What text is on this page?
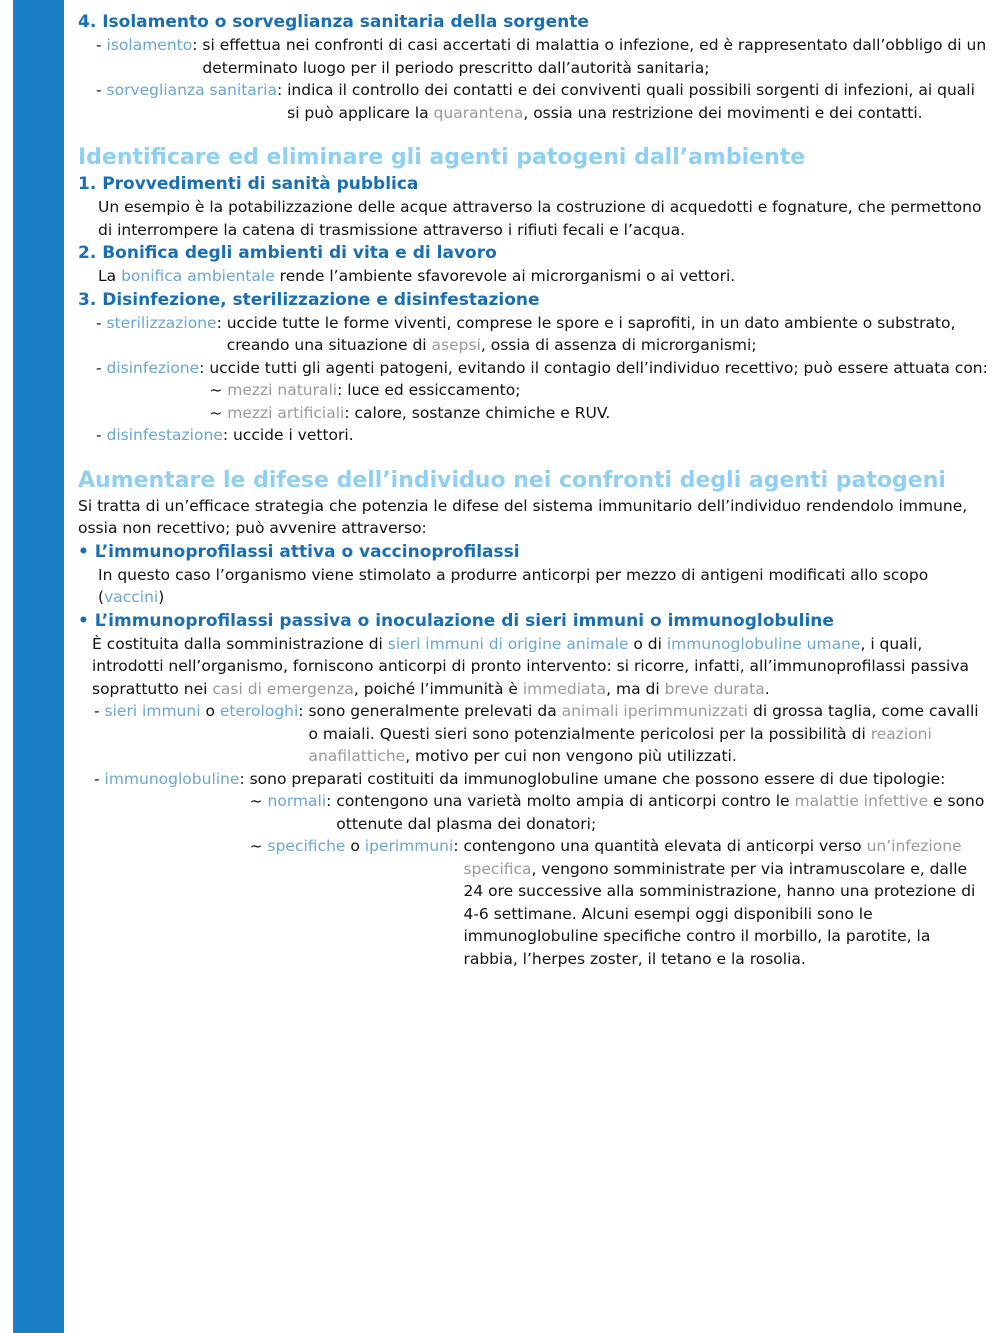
4. Isolamento o sorveglianza sanitaria della sorgente
- isolamento: si effettua nei confronti di casi accertati di malattia o infezione, ed è rappresentato dall’obbligo di un determinato luogo per il periodo prescritto dall’autorità sanitaria;
- sorveglianza sanitaria: indica il controllo dei contatti e dei conviventi quali possibili sorgenti di infezioni, ai quali si può applicare la quarantena, ossia una restrizione dei movimenti e dei contatti.
Identificare ed eliminare gli agenti patogeni dall’ambiente
1. Provvedimenti di sanità pubblica

Un esempio è la potabilizzazione delle acque attraverso la costruzione di acquedotti e fognature, che permettono di interrompere la catena di trasmissione attraverso i rifiuti fecali e l’acqua.

2. Bonifica degli ambienti di vita e di lavoro

La bonifica ambientale rende l’ambiente sfavorevole ai microrganismi o ai vettori.

3. Disinfezione, sterilizzazione e disinfestazione
- sterilizzazione: uccide tutte le forme viventi, comprese le spore e i saprofiti, in un dato ambiente o substrato, creando una situazione di asepsi, ossia di assenza di microrganismi;
- disinfezione: uccide tutti gli agenti patogeni, evitando il contagio dell’individuo recettivo; può essere attuata con:
~ mezzi naturali: luce ed essiccamento;
~ mezzi artificiali: calore, sostanze chimiche e RUV.
- disinfestazione: uccide i vettori.
Aumentare le difese dell’individuo nei confronti degli agenti patogeni

Si tratta di un’efficace strategia che potenzia le difese del sistema immunitario dell’individuo rendendolo immune, ossia non recettivo; può avvenire attraverso:

• L’immunoprofilassi attiva o vaccinoprofilassi

In questo caso l’organismo viene stimolato a produrre anticorpi per mezzo di antigeni modificati allo scopo (vaccini)

• L’immunoprofilassi passiva o inoculazione di sieri immuni o immunoglobuline

È costituita dalla somministrazione di sieri immuni di origine animale o di immunoglobuline umane, i quali, introdotti nell’organismo, forniscono anticorpi di pronto intervento: si ricorre, infatti, all’immunoprofilassi passiva soprattutto nei casi di emergenza, poiché l’immunità è immediata, ma di breve durata.

- sieri immuni o eterologhi: sono generalmente prelevati da animali iperimmunizzati di grossa taglia, come cavalli o maiali. Questi sieri sono potenzialmente pericolosi per la possibilità di reazioni anafilattiche, motivo per cui non vengono più utilizzati.
- immunoglobuline: sono preparati costituiti da immunoglobuline umane che possono essere di due tipologie:
~ normali: contengono una varietà molto ampia di anticorpi contro le malattie infettive e sono ottenute dal plasma dei donatori;
~ specifiche o iperimmuni: contengono una quantità elevata di anticorpi verso un’infezione specifica, vengono somministrate per via intramuscolare e, dalle 24 ore successive alla somministrazione, hanno una protezione di 4-6 settimane. Alcuni esempi oggi disponibili sono le immunoglobuline specifiche contro il morbillo, la parotite, la rabbia, l’herpes zoster, il tetano e la rosolia.
